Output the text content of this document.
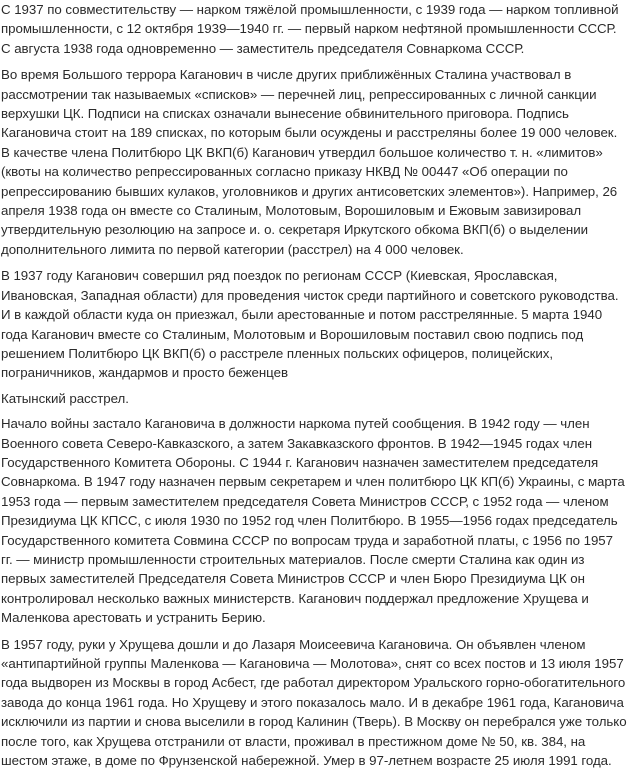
С 1937 по совместительству — нарком тяжёлой промышленности, с 1939 года — нарком топливной промышленности, с 12 октября 1939—1940 гг. — первый нарком нефтяной промышленности СССР. С августа 1938 года одновременно — заместитель председателя Совнаркома СССР.

Во время Большого террора Каганович в числе других приближённых Сталина участвовал в рассмотрении так называемых «списков» — перечней лиц, репрессированных с личной санкции верхушки ЦК. Подписи на списках означали вынесение обвинительного приговора. Подпись Кагановича стоит на 189 списках, по которым были осуждены и расстреляны более 19 000 человек. В качестве члена Политбюро ЦК ВКП(б) Каганович утвердил большое количество т. н. «лимитов» (квоты на количество репрессированных согласно приказу НКВД № 00447 «Об операции по репрессированию бывших кулаков, уголовников и других антисоветских элементов»). Например, 26 апреля 1938 года он вместе со Сталиным, Молотовым, Ворошиловым и Ежовым завизировал утвердительную резолюцию на запросе и. о. секретаря Иркутского обкома ВКП(б) о выделении дополнительного лимита по первой категории (расстрел) на 4 000 человек.

В 1937 году Каганович совершил ряд поездок по регионам СССР (Киевская, Ярославская, Ивановская, Западная области) для проведения чисток среди партийного и советского руководства. И в каждой области куда он приезжал, были арестованные и потом расстрелянные. 5 марта 1940 года Каганович вместе со Сталиным, Молотовым и Ворошиловым поставил свою подпись под решением Политбюро ЦК ВКП(б) о расстреле пленных польских офицеров, полицейских, пограничников, жандармов и просто беженцев

Катынский расстрел.

Начало войны застало Кагановича в должности наркома путей сообщения. В 1942 году — член Военного совета Северо-Кавказского, а затем Закавказского фронтов. В 1942—1945 годах член Государственного Комитета Обороны. С 1944 г. Каганович назначен заместителем председателя Совнаркома. В 1947 году назначен первым секретарем и член политбюро ЦК КП(б) Украины, с марта 1953 года — первым заместителем председателя Совета Министров СССР, с 1952 года — членом Президиума ЦК КПСС, с июля 1930 по 1952 год член Политбюро. В 1955—1956 годах председатель Государственного комитета Совмина СССР по вопросам труда и заработной платы, с 1956 по 1957 гг. — министр промышленности строительных материалов. После смерти Сталина как один из первых заместителей Председателя Совета Министров СССР и член Бюро Президиума ЦК он контролировал несколько важных министерств. Каганович поддержал предложение Хрущева и Маленкова арестовать и устранить Берию.

В 1957 году, руки у Хрущева дошли и до Лазаря Моисеевича Кагановича. Он объявлен членом «антипартийной группы Маленкова — Кагановича — Молотова», снят со всех постов и 13 июля 1957 года выдворен из Москвы в город Асбест, где работал директором Уральского горно-обогатительного завода до конца 1961 года. Но Хрущеву и этого показалось мало. И в декабре 1961 года, Кагановича исключили из партии и снова выселили в город Калинин (Тверь). В Москву он перебрался уже только после того, как Хрущева отстранили от власти, проживал в престижном доме № 50, кв. 384, на шестом этаже, в доме по Фрунзенской набережной. Умер в 97-летнем возрасте 25 июля 1991 года.
